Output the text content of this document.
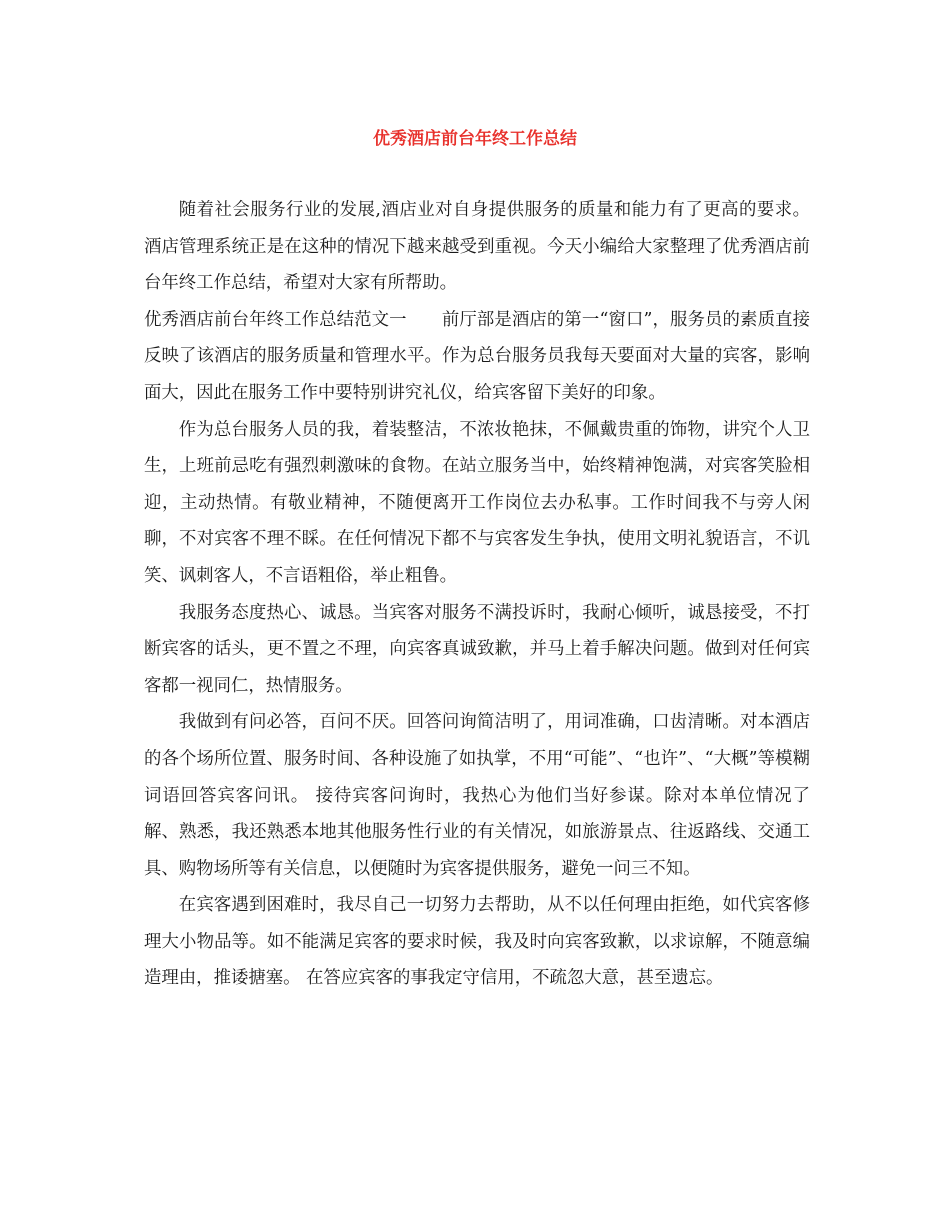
优秀酒店前台年终工作总结

随着社会服务行业的发展,酒店业对自身提供服务的质量和能力有了更高的要求。酒店管理系统正是在这种的情况下越来越受到重视。今天小编给大家整理了优秀酒店前台年终工作总结，希望对大家有所帮助。

优秀酒店前台年终工作总结范文一 前厅部是酒店的第一“窗口”，服务员的素质直接反映了该酒店的服务质量和管理水平。作为总台服务员我每天要面对大量的宾客，影响面大，因此在服务工作中要特别讲究礼仪，给宾客留下美好的印象。

作为总台服务人员的我，着装整洁，不浓妆艳抹，不佩戴贵重的饰物，讲究个人卫生，上班前忌吃有强烈刺激味的食物。在站立服务当中，始终精神饱满，对宾客笑脸相迎，主动热情。有敬业精神，不随便离开工作岗位去办私事。工作时间我不与旁人闲聊，不对宾客不理不睬。在任何情况下都不与宾客发生争执，使用文明礼貌语言，不讥笑、讽刺客人，不言语粗俗，举止粗鲁。

我服务态度热心、诚恳。当宾客对服务不满投诉时，我耐心倾听，诚恳接受，不打断宾客的话头，更不置之不理，向宾客真诚致歉，并马上着手解决问题。做到对任何宾客都一视同仁，热情服务。

我做到有问必答，百问不厌。回答问询简洁明了，用词准确，口齿清晰。对本酒店的各个场所位置、服务时间、各种设施了如执掌，不用“可能”、“也许”、“大概”等模糊词语回答宾客问讯。 接待宾客问询时，我热心为他们当好参谋。除对本单位情况了解、熟悉，我还熟悉本地其他服务性行业的有关情况，如旅游景点、往返路线、交通工具、购物场所等有关信息，以便随时为宾客提供服务，避免一问三不知。

在宾客遇到困难时，我尽自己一切努力去帮助，从不以任何理由拒绝，如代宾客修理大小物品等。如不能满足宾客的要求时候，我及时向宾客致歉，以求谅解，不随意编造理由，推诿搪塞。 在答应宾客的事我定守信用，不疏忽大意，甚至遗忘。
